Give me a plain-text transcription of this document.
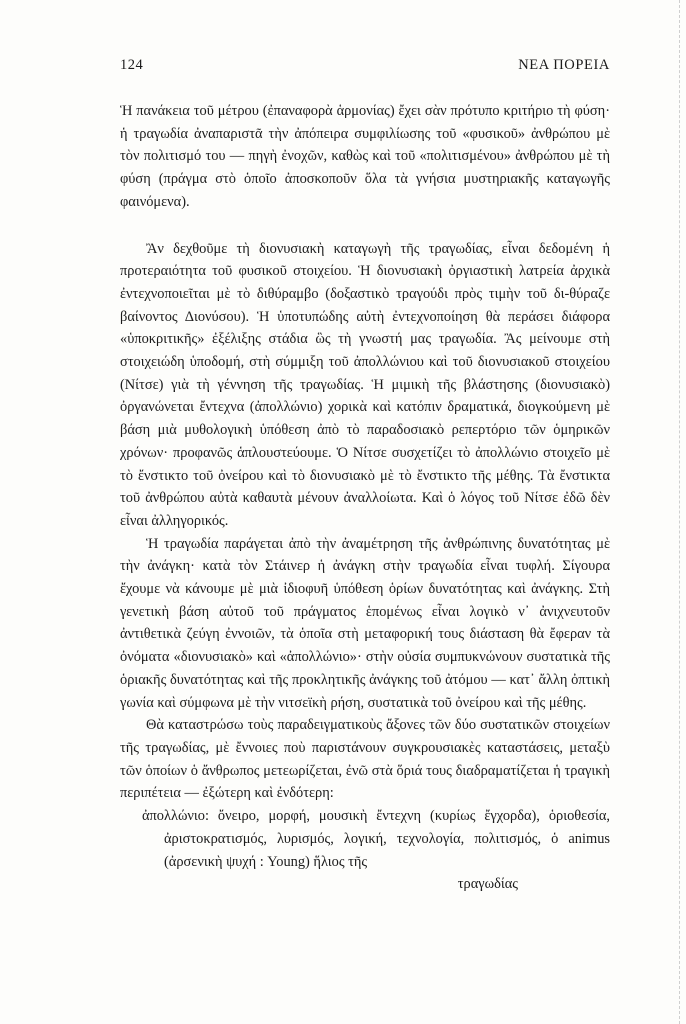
124	ΝΕΑ ΠΟΡΕΙΑ

Ἡ πανάκεια τοῦ μέτρου (ἐπαναφορὰ ἁρμονίας) ἔχει σὰν πρότυπο κριτήριο τὴ φύση· ἡ τραγωδία ἀναπαριστᾶ τὴν ἀπόπειρα συμφιλίωσης τοῦ «φυσικοῦ» ἀνθρώπου μὲ τὸν πολιτισμό του — πηγὴ ἐνοχῶν, καθὼς καὶ τοῦ «πολιτισμένου» ἀνθρώπου μὲ τὴ φύση (πράγμα στὸ ὁποῖο ἀποσκοποῦν ὅλα τὰ γνήσια μυστηριακῆς καταγωγῆς φαινόμενα).

Ἂν δεχθοῦμε τὴ διονυσιακὴ καταγωγὴ τῆς τραγωδίας, εἶναι δεδομένη ἡ προτεραιότητα τοῦ φυσικοῦ στοιχείου. Ἡ διονυσιακὴ ὀργιαστικὴ λατρεία ἀρχικὰ ἐντεχνοποιεῖται μὲ τὸ διθύραμβο (δοξαστικὸ τραγούδι πρὸς τιμὴν τοῦ δι-θύραζε βαίνοντος Διονύσου). Ἡ ὑποτυπώδης αὐτὴ ἐντεχνοποίηση θὰ περάσει διάφορα «ὑποκριτικῆς» ἐξέλιξης στάδια ὣς τὴ γνωστή μας τραγωδία. Ἂς μείνουμε στὴ στοιχειώδη ὑποδομή, στὴ σύμμιξη τοῦ ἀπολλώνιου καὶ τοῦ διονυσιακοῦ στοιχείου (Νίτσε) γιὰ τὴ γέννηση τῆς τραγωδίας. Ἡ μιμικὴ τῆς βλάστησης (διονυσιακὸ) ὀργανώνεται ἔντεχνα (ἀπολλώνιο) χορικὰ καὶ κατόπιν δραματικά, διογκούμενη μὲ βάση μιὰ μυθολογικὴ ὑπόθεση ἀπὸ τὸ παραδοσιακὸ ρεπερτόριο τῶν ὁμηρικῶν χρόνων· προφανῶς ἁπλουστεύουμε. Ὁ Νίτσε συσχετίζει τὸ ἀπολλώνιο στοιχεῖο μὲ τὸ ἔνστικτο τοῦ ὀνείρου καὶ τὸ διονυσιακὸ μὲ τὸ ἔνστικτο τῆς μέθης. Τὰ ἔνστικτα τοῦ ἀνθρώπου αὐτὰ καθαυτὰ μένουν ἀναλλοίωτα. Καὶ ὁ λόγος τοῦ Νίτσε ἐδῶ δὲν εἶναι ἀλληγορικός.

Ἡ τραγωδία παράγεται ἀπὸ τὴν ἀναμέτρηση τῆς ἀνθρώπινης δυνατότητας μὲ τὴν ἀνάγκη· κατὰ τὸν Στάινερ ἡ ἀνάγκη στὴν τραγωδία εἶναι τυφλή. Σίγουρα ἔχουμε νὰ κάνουμε μὲ μιὰ ἰδιοφυῆ ὑπόθεση ὁρίων δυνατότητας καὶ ἀνάγκης. Στὴ γενετικὴ βάση αὐτοῦ τοῦ πράγματος ἑπομένως εἶναι λογικὸ ν᾽ ἀνιχνευτοῦν ἀντιθετικὰ ζεύγη ἐννοιῶν, τὰ ὁποῖα στὴ μεταφορική τους διάσταση θὰ ἔφεραν τὰ ὀνόματα «διονυσιακὸ» καὶ «ἀπολλώνιο»· στὴν οὐσία συμπυκνώνουν συστατικὰ τῆς ὁριακῆς δυνατότητας καὶ τῆς προκλητικῆς ἀνάγκης τοῦ ἀτόμου — κατ᾽ ἄλλη ὀπτικὴ γωνία καὶ σύμφωνα μὲ τὴν νιτσεϊκὴ ρήση, συστατικὰ τοῦ ὀνείρου καὶ τῆς μέθης.

Θὰ καταστρώσω τοὺς παραδειγματικοὺς ἄξονες τῶν δύο συστατικῶν στοιχείων τῆς τραγωδίας, μὲ ἔννοιες ποὺ παριστάνουν συγκρουσιακὲς καταστάσεις, μεταξὺ τῶν ὁποίων ὁ ἄνθρωπος μετεωρίζεται, ἐνῶ στὰ ὅριά τους διαδραματίζεται ἡ τραγικὴ περιπέτεια — ἐξώτερη καὶ ἐνδότερη:

ἀπολλώνιο: ὄνειρο, μορφή, μουσικὴ ἔντεχνη (κυρίως ἔγχορδα), ὁριοθεσία, ἀριστοκρατισμός, λυρισμός, λογική, τεχνολογία, πολιτισμός, ὁ animus (ἀρσενικὴ ψυχή : Young) ἥλιος τῆς
τραγωδίας
